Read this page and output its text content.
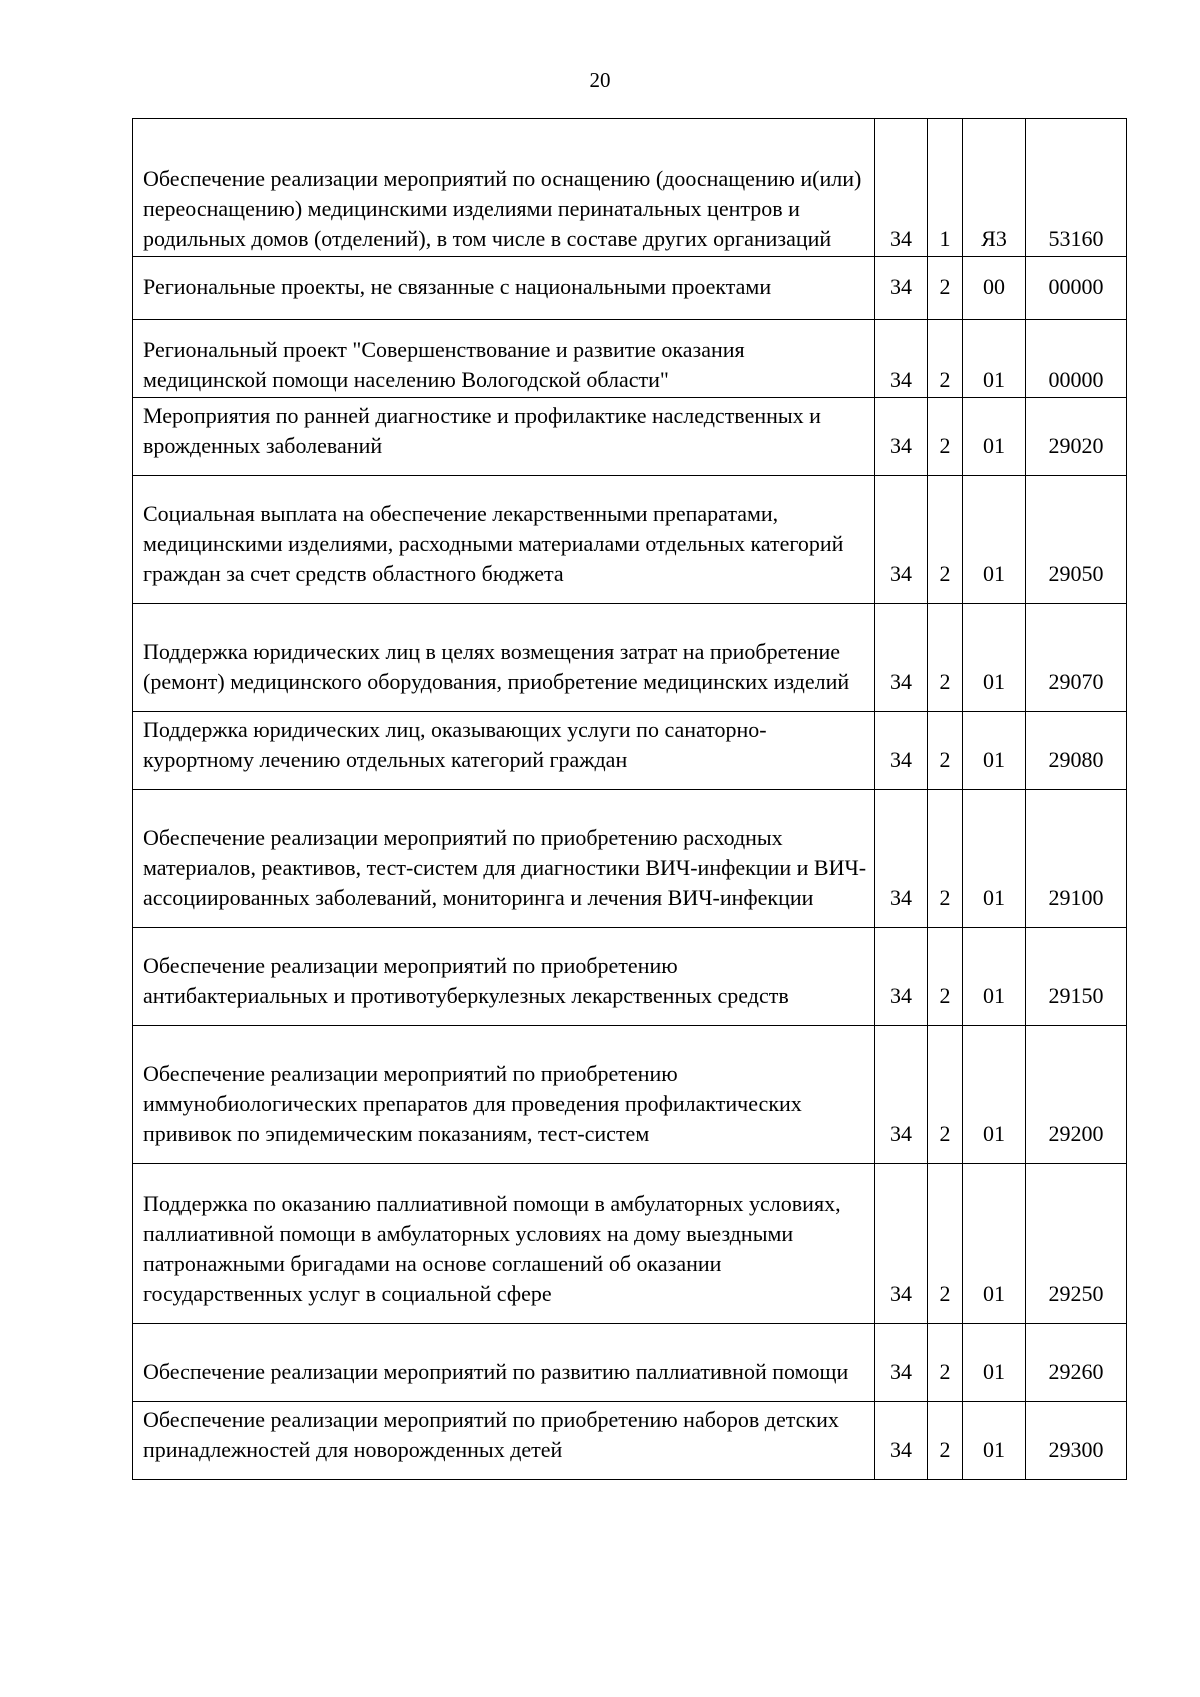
20
Обеспечение реализации мероприятий по оснащению (дооснащению и(или) переоснащению) медицинскими изделиями перинатальных центров и родильных домов (отделений), в том числе в составе других организаций	34	1	Я3	53160
Региональные проекты, не связанные с национальными проектами	34	2	00	00000
Региональный проект "Совершенствование и развитие оказания медицинской помощи населению Вологодской области"	34	2	01	00000
Мероприятия по ранней диагностике и профилактике наследственных и врожденных заболеваний	34	2	01	29020
Социальная выплата на обеспечение лекарственными препаратами, медицинскими изделиями, расходными материалами отдельных категорий граждан за счет средств областного бюджета	34	2	01	29050
Поддержка юридических лиц в целях возмещения затрат на приобретение (ремонт) медицинского оборудования, приобретение медицинских изделий	34	2	01	29070
Поддержка юридических лиц, оказывающих услуги по санаторно-курортному лечению отдельных категорий граждан	34	2	01	29080
Обеспечение реализации мероприятий по приобретению расходных материалов, реактивов, тест-систем для диагностики ВИЧ-инфекции и ВИЧ-ассоциированных заболеваний, мониторинга и лечения ВИЧ-инфекции	34	2	01	29100
Обеспечение реализации мероприятий по приобретению антибактериальных и противотуберкулезных лекарственных средств	34	2	01	29150
Обеспечение реализации мероприятий по приобретению иммунобиологических препаратов для проведения профилактических прививок по эпидемическим показаниям, тест-систем	34	2	01	29200
Поддержка по оказанию паллиативной помощи в амбулаторных условиях, паллиативной помощи в амбулаторных условиях на дому выездными патронажными бригадами на основе соглашений об оказании государственных услуг в социальной сфере	34	2	01	29250
Обеспечение реализации мероприятий по развитию паллиативной помощи	34	2	01	29260
Обеспечение реализации мероприятий по приобретению наборов детских принадлежностей для новорожденных детей	34	2	01	29300
